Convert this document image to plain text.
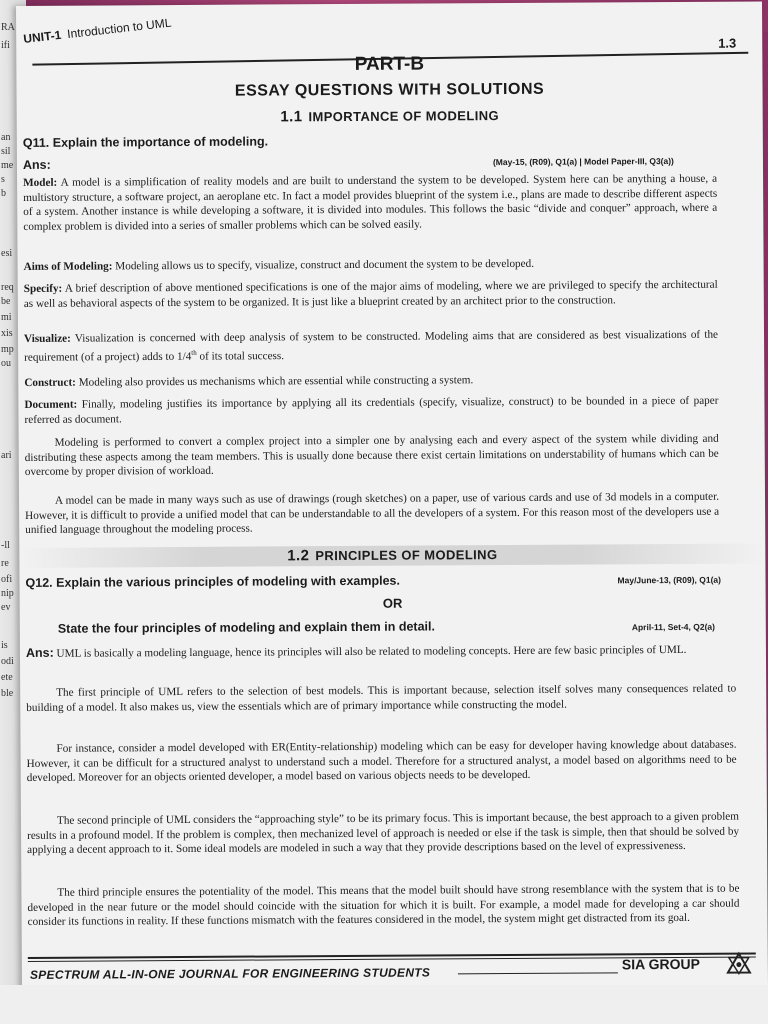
RA
ifi
an
sil
me
s
b
esi
req
be
mi
xis
mp
ou
ari
-ll
re
ofi
nip
ev
is
odi
ete
ble
UNIT-1 Introduction to UML
1.3
PART-B
ESSAY QUESTIONS WITH SOLUTIONS
1.1 IMPORTANCE OF MODELING
Q11. Explain the importance of modeling.
Ans:	(May-15, (R09), Q1(a) | Model Paper-III, Q3(a))
Model: A model is a simplification of reality models and are built to understand the system to be developed. System here can be anything a house, a multistory structure, a software project, an aeroplane etc. In fact a model provides blueprint of the system i.e., plans are made to describe different aspects of a system. Another instance is while developing a software, it is divided into modules. This follows the basic “divide and conquer” approach, where a complex problem is divided into a series of smaller problems which can be solved easily.
Aims of Modeling: Modeling allows us to specify, visualize, construct and document the system to be developed.
Specify: A brief description of above mentioned specifications is one of the major aims of modeling, where we are privileged to specify the architectural as well as behavioral aspects of the system to be organized. It is just like a blueprint created by an architect prior to the construction.
Visualize: Visualization is concerned with deep analysis of system to be constructed. Modeling aims that are considered as best visualizations of the requirement (of a project) adds to 1/4th of its total success.
Construct: Modeling also provides us mechanisms which are essential while constructing a system.
Document: Finally, modeling justifies its importance by applying all its credentials (specify, visualize, construct) to be bounded in a piece of paper referred as document.
Modeling is performed to convert a complex project into a simpler one by analysing each and every aspect of the system while dividing and distributing these aspects among the team members. This is usually done because there exist certain limitations on understability of humans which can be overcome by proper division of workload.
A model can be made in many ways such as use of drawings (rough sketches) on a paper, use of various cards and use of 3d models in a computer. However, it is difficult to provide a unified model that can be understandable to all the developers of a system. For this reason most of the developers use a unified language throughout the modeling process.
1.2 PRINCIPLES OF MODELING
Q12. Explain the various principles of modeling with examples.	May/June-13, (R09), Q1(a)
OR
State the four principles of modeling and explain them in detail.	April-11, Set-4, Q2(a)
Ans: UML is basically a modeling language, hence its principles will also be related to modeling concepts. Here are few basic principles of UML.
The first principle of UML refers to the selection of best models. This is important because, selection itself solves many consequences related to building of a model. It also makes us, view the essentials which are of primary importance while constructing the model.
For instance, consider a model developed with ER(Entity-relationship) modeling which can be easy for developer having knowledge about databases. However, it can be difficult for a structured analyst to understand such a model. Therefore for a structured analyst, a model based on algorithms need to be developed. Moreover for an objects oriented developer, a model based on various objects needs to be developed.
The second principle of UML considers the “approaching style” to be its primary focus. This is important because, the best approach to a given problem results in a profound model. If the problem is complex, then mechanized level of approach is needed or else if the task is simple, then that should be solved by applying a decent approach to it. Some ideal models are modeled in such a way that they provide descriptions based on the level of expressiveness.
The third principle ensures the potentiality of the model. This means that the model built should have strong resemblance with the system that is to be developed in the near future or the model should coincide with the situation for which it is built. For example, a model made for developing a car should consider its functions in reality. If these functions mismatch with the features considered in the model, the system might get distracted from its goal.
SPECTRUM ALL-IN-ONE JOURNAL FOR ENGINEERING STUDENTS
SIA GROUP
